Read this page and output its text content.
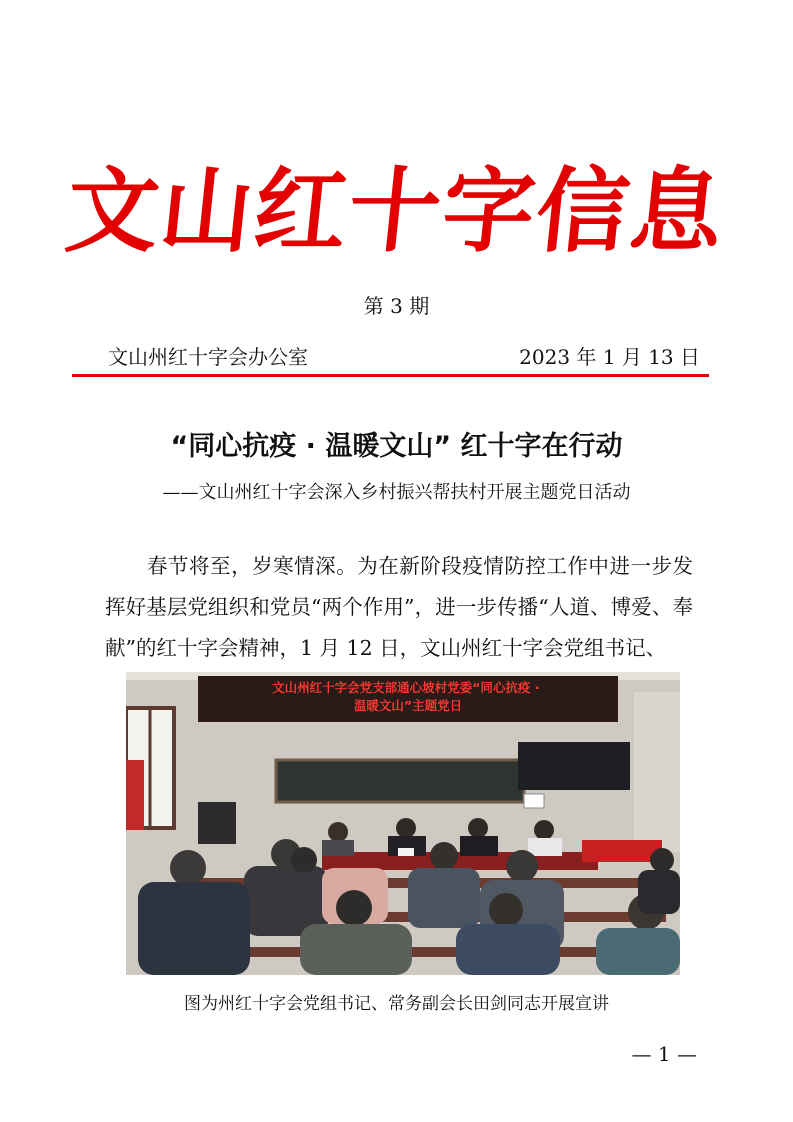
文山红十字信息
第 3 期
文山州红十字会办公室	2023 年 1 月 13 日
“同心抗疫 · 温暖文山” 红十字在行动
——文山州红十字会深入乡村振兴帮扶村开展主题党日活动

春节将至，岁寒情深。为在新阶段疫情防控工作中进一步发挥好基层党组织和党员“两个作用”，进一步传播“人道、博爱、奉献”的红十字会精神，1 月 12 日，文山州红十字会党组书记、

文山州红十字会党支部通心坡村党委“同心抗疫 · 温暖文山”主题党日
图为州红十字会党组书记、常务副会长田剑同志开展宣讲
— 1 —
